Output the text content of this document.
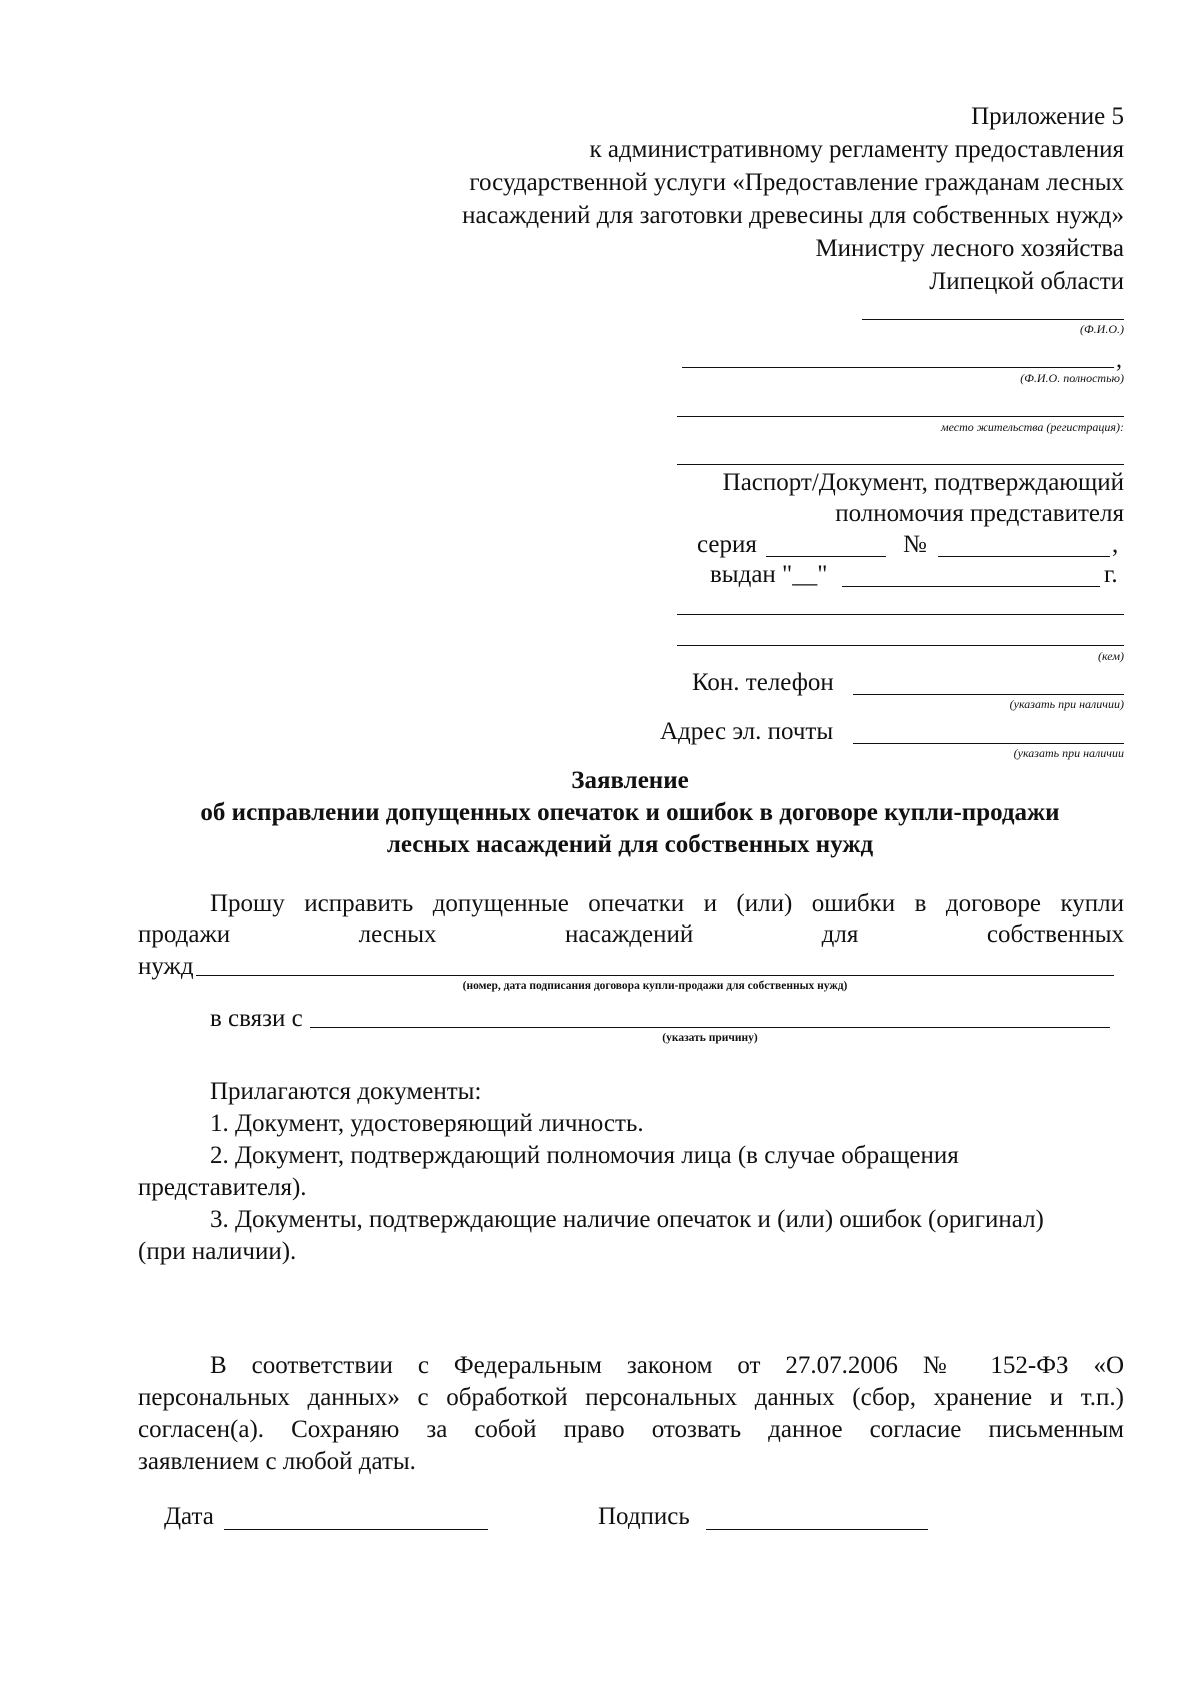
Приложение 5
к административному регламенту предоставления
государственной услуги «Предоставление гражданам лесных
насаждений для заготовки древесины для собственных нужд»
Министру лесного хозяйства
Липецкой области
(Ф.И.О.)
,
(Ф.И.О. полностью)
место жительства (регистрация):
Паспорт/Документ, подтверждающий
полномочия представителя
серия	№	,
выдан "__"	г.
(кем)
Кон. телефон
(указать при наличии)
Адрес эл. почты
(указать при наличии
Заявление
об исправлении допущенных опечаток и ошибок в договоре купли-продажи
лесных насаждений для собственных нужд
Прошу исправить допущенные опечатки и (или) ошибки в договоре купли
продажи лесных насаждений для собственных
нужд
(номер, дата подписания договора купли-продажи для собственных нужд)
в связи с
(указать причину)
Прилагаются документы:
1. Документ, удостоверяющий личность.
2. Документ, подтверждающий полномочия лица (в случае обращения
представителя).
3. Документы, подтверждающие наличие опечаток и (или) ошибок (оригинал)
(при наличии).
В соответствии с Федеральным законом от 27.07.2006 № 152-ФЗ «О
персональных данных» с обработкой персональных данных (сбор, хранение и т.п.)
согласен(а). Сохраняю за собой право отозвать данное согласие письменным
заявлением с любой даты.
Дата	Подпись
